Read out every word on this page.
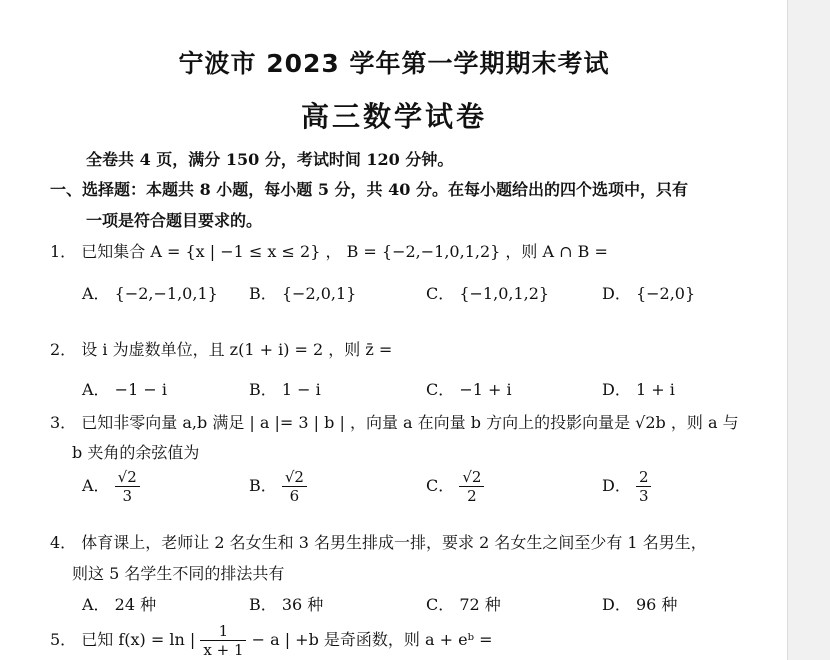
宁波市 2023 学年第一学期期末考试
高三数学试卷
全卷共 4 页，满分 150 分，考试时间 120 分钟。
一、选择题：本题共 8 小题，每小题 5 分，共 40 分。在每小题给出的四个选项中，只有
一项是符合题目要求的。
1． 已知集合 A = {x | −1 ≤ x ≤ 2} ， B = {−2,−1,0,1,2} ，则 A ∩ B =
A． {−2,−1,0,1} B． {−2,0,1}	C． {−1,0,1,2}	D． {−2,0}
2． 设 i 为虚数单位，且 z(1 + i) = 2 ，则 z̄ =
A． −1 − i	B． 1 − i	C． −1 + i	D． 1 + i
3． 已知非零向量 a,b 满足 | a |= 3 | b | ，向量 a 在向量 b 方向上的投影向量是 √2b ，则 a 与
b 夹角的余弦值为
A． $\frac{√2}{3}$	B． $\frac{√2}{6}$	C． $\frac{√2}{2}$	D． $\frac{2}{3}$
4． 体育课上，老师让 2 名女生和 3 名男生排成一排，要求 2 名女生之间至少有 1 名男生，
则这 5 名学生不同的排法共有
A． 24 种	B． 36 种	C． 72 种	D． 96 种
5． 已知 f(x) = ln | $\frac{1}{x + 1} - a$ | +b 是奇函数，则 a + eᵇ =
